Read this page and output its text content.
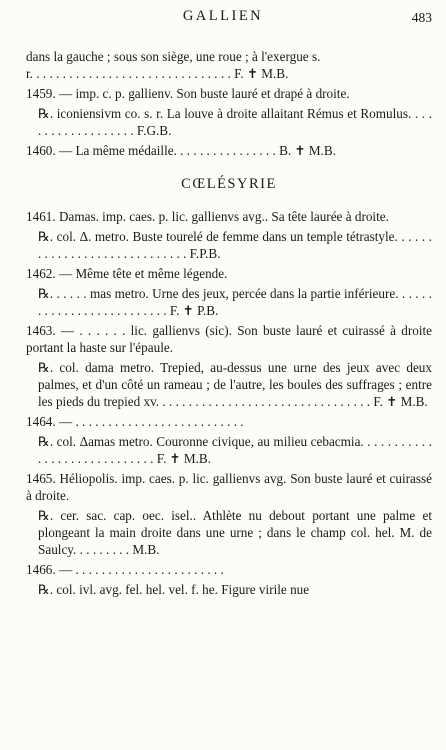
GALLIEN	483

dans la gauche ; sous son siège, une roue ; à l'exergue s.

r. . . . . . . . . . . . . . . . . . . . . . . . . . . . . . . F. ✝ M.B.

1459. — imp. c. p. gallienv. Son buste lauré et drapé à droite.

℞. iconiensivm co. s. r. La louve à droite allaitant Rémus et Romulus. . . . . . . . . . . . . . . . . . . F.G.B.

1460. — La même médaille. . . . . . . . . . . . . . . . B. ✝ M.B.

CŒLÉSYRIE

1461. Damas. imp. caes. p. lic. gallienvs avg.. Sa tête laurée à droite.

℞. col. Δ. metro. Buste tourelé de femme dans un temple tétrastyle. . . . . . . . . . . . . . . . . . . . . . . . . . . . . F.P.B.

1462. — Même tête et même légende.

℞. . . . . . mas metro. Urne des jeux, percée dans la partie inférieure. . . . . . . . . . . . . . . . . . . . . . . . . . F. ✝ P.B.

1463. — . . . . . . lic. gallienvs (sic). Son buste lauré et cuirassé à droite portant la haste sur l'épaule.

℞. col. dama metro. Trepied, au-dessus une urne des jeux avec deux palmes, et d'un côté un rameau ; de l'autre, les boules des suffrages ; entre les pieds du trepied xv. . . . . . . . . . . . . . . . . . . . . . . . . . . . . . . . . F. ✝ M.B.

1464. — . . . . . . . . . . . . . . . . . . . . . . . . . .

℞. col. Δamas metro. Couronne civique, au milieu cebacmia. . . . . . . . . . . . . . . . . . . . . . . . . . . . . F. ✝ M.B.

1465. Héliopolis. imp. caes. p. lic. gallienvs avg. Son buste lauré et cuirassé à droite.

℞. cer. sac. cap. oec. isel.. Athlète nu debout portant une palme et plongeant la main droite dans une urne ; dans le champ col. hel. M. de Saulcy. . . . . . . . . M.B.

1466. — . . . . . . . . . . . . . . . . . . . . . . .

℞. col. ivl. avg. fel. hel. vel. f. he. Figure virile nue
